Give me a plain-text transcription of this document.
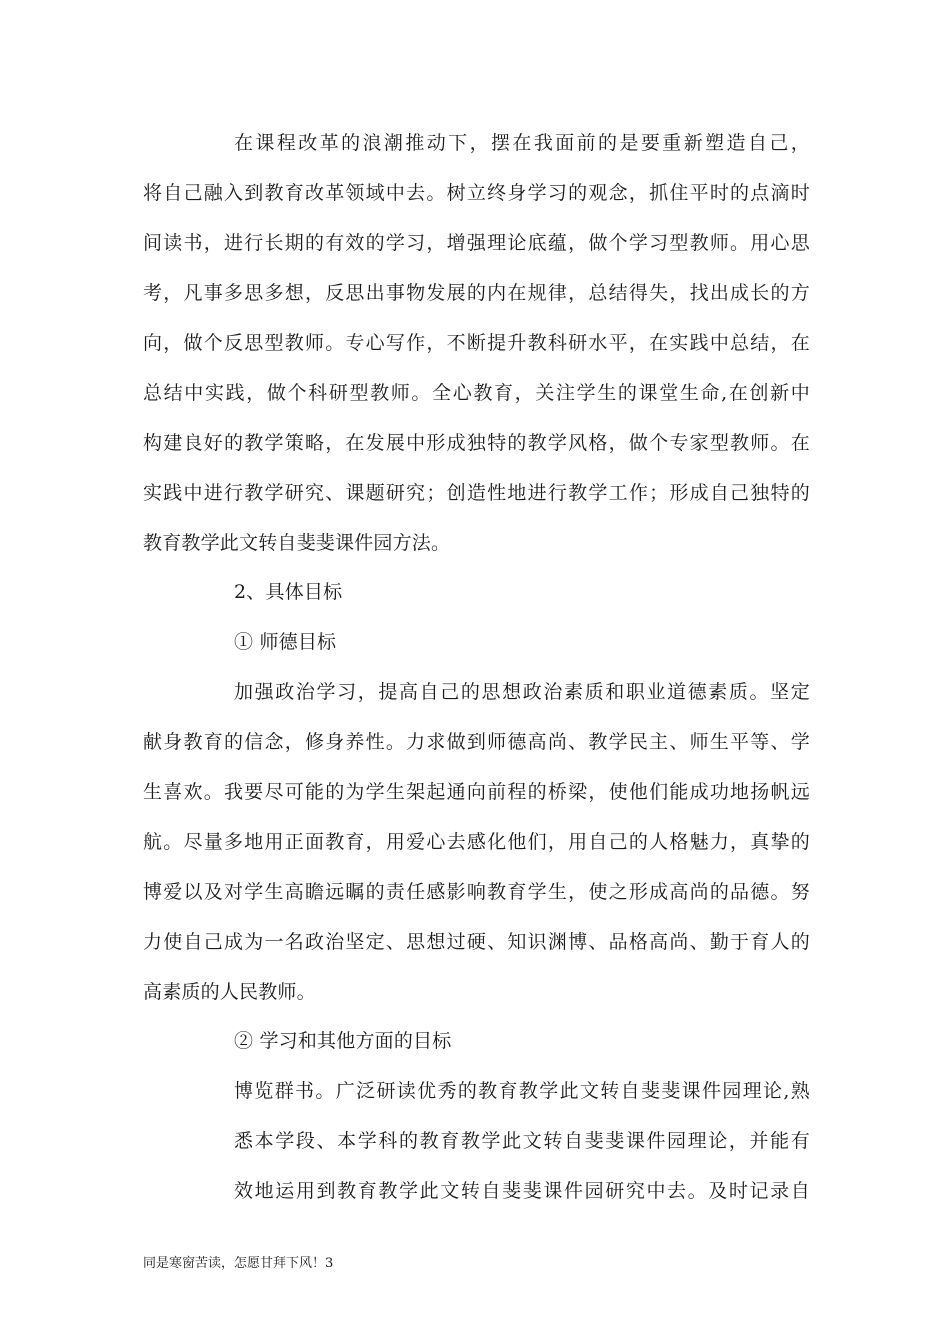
在课程改革的浪潮推动下，摆在我面前的是要重新塑造自己，
将自己融入到教育改革领域中去。树立终身学习的观念，抓住平时的点滴时
间读书，进行长期的有效的学习，增强理论底蕴，做个学习型教师。用心思
考，凡事多思多想，反思出事物发展的内在规律，总结得失，找出成长的方
向，做个反思型教师。专心写作，不断提升教科研水平，在实践中总结，在
总结中实践，做个科研型教师。全心教育，关注学生的课堂生命,在创新中
构建良好的教学策略，在发展中形成独特的教学风格，做个专家型教师。在
实践中进行教学研究、课题研究；创造性地进行教学工作；形成自己独特的
教育教学此文转自斐斐课件园方法。
2、具体目标
① 师德目标
加强政治学习，提高自己的思想政治素质和职业道德素质。坚定
献身教育的信念，修身养性。力求做到师德高尚、教学民主、师生平等、学
生喜欢。我要尽可能的为学生架起通向前程的桥梁，使他们能成功地扬帆远
航。尽量多地用正面教育，用爱心去感化他们，用自己的人格魅力，真挚的
博爱以及对学生高瞻远瞩的责任感影响教育学生，使之形成高尚的品德。努
力使自己成为一名政治坚定、思想过硬、知识渊博、品格高尚、勤于育人的
高素质的人民教师。
② 学习和其他方面的目标
博览群书。广泛研读优秀的教育教学此文转自斐斐课件园理论,熟
悉本学段、本学科的教育教学此文转自斐斐课件园理论，并能有
效地运用到教育教学此文转自斐斐课件园研究中去。及时记录自
同是寒窗苦读，怎愿甘拜下风！3
